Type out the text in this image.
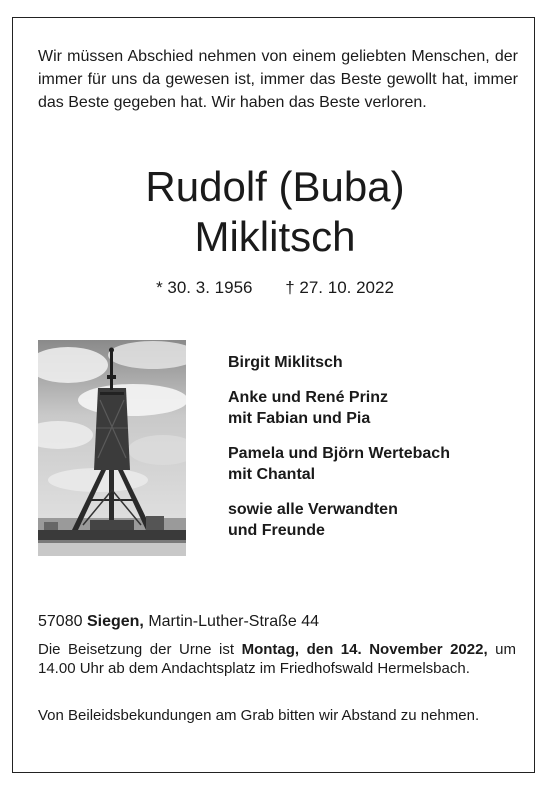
Wir müssen Abschied nehmen von einem geliebten Menschen, der immer für uns da gewesen ist, immer das Beste gewollt hat, immer das Beste gegeben hat. Wir haben das Beste verloren.
Rudolf (Buba)
Miklitsch
* 30. 3. 1956 † 27. 10. 2022
Birgit Miklitsch
Anke und René Prinz
mit Fabian und Pia
Pamela und Björn Wertebach
mit Chantal
sowie alle Verwandten
und Freunde
57080 Siegen, Martin-Luther-Straße 44
Die Beisetzung der Urne ist Montag, den 14. November 2022, um 14.00 Uhr ab dem Andachtsplatz im Friedhofswald Hermelsbach.
Von Beileidsbekundungen am Grab bitten wir Abstand zu nehmen.
